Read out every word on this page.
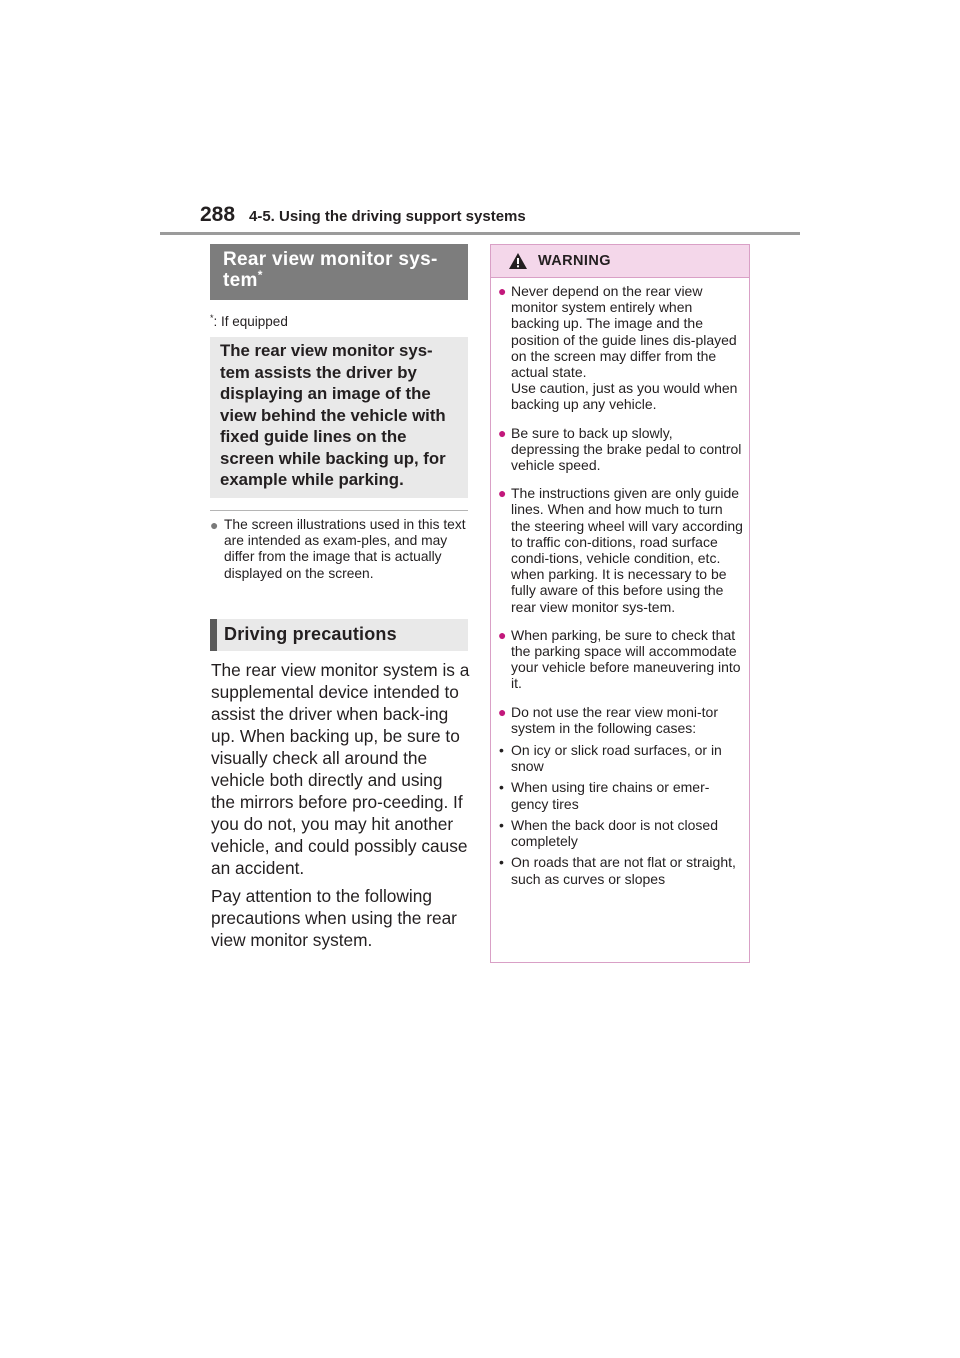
288 4-5. Using the driving support systems
Rear view monitor sys-tem*
*: If equipped
The rear view monitor sys-tem assists the driver by displaying an image of the view behind the vehicle with fixed guide lines on the screen while backing up, for example while parking.
● The screen illustrations used in this text are intended as exam-ples, and may differ from the image that is actually displayed on the screen.
Driving precautions

The rear view monitor system is a supplemental device intended to assist the driver when back-ing up. When backing up, be sure to visually check all around the vehicle both directly and using the mirrors before pro-ceeding. If you do not, you may hit another vehicle, and could possibly cause an accident.

Pay attention to the following precautions when using the rear view monitor system.

WARNING
● Never depend on the rear view monitor system entirely when backing up. The image and the position of the guide lines dis-played on the screen may differ from the actual state.
Use caution, just as you would when backing up any vehicle.
● Be sure to back up slowly, depressing the brake pedal to control vehicle speed.
● The instructions given are only guide lines. When and how much to turn the steering wheel will vary according to traffic con-ditions, road surface condi-tions, vehicle condition, etc. when parking. It is necessary to be fully aware of this before using the rear view monitor sys-tem.
● When parking, be sure to check that the parking space will accommodate your vehicle before maneuvering into it.
● Do not use the rear view moni-tor system in the following cases:
• On icy or slick road surfaces, or in snow
• When using tire chains or emer-gency tires
• When the back door is not closed completely
• On roads that are not flat or straight, such as curves or slopes
